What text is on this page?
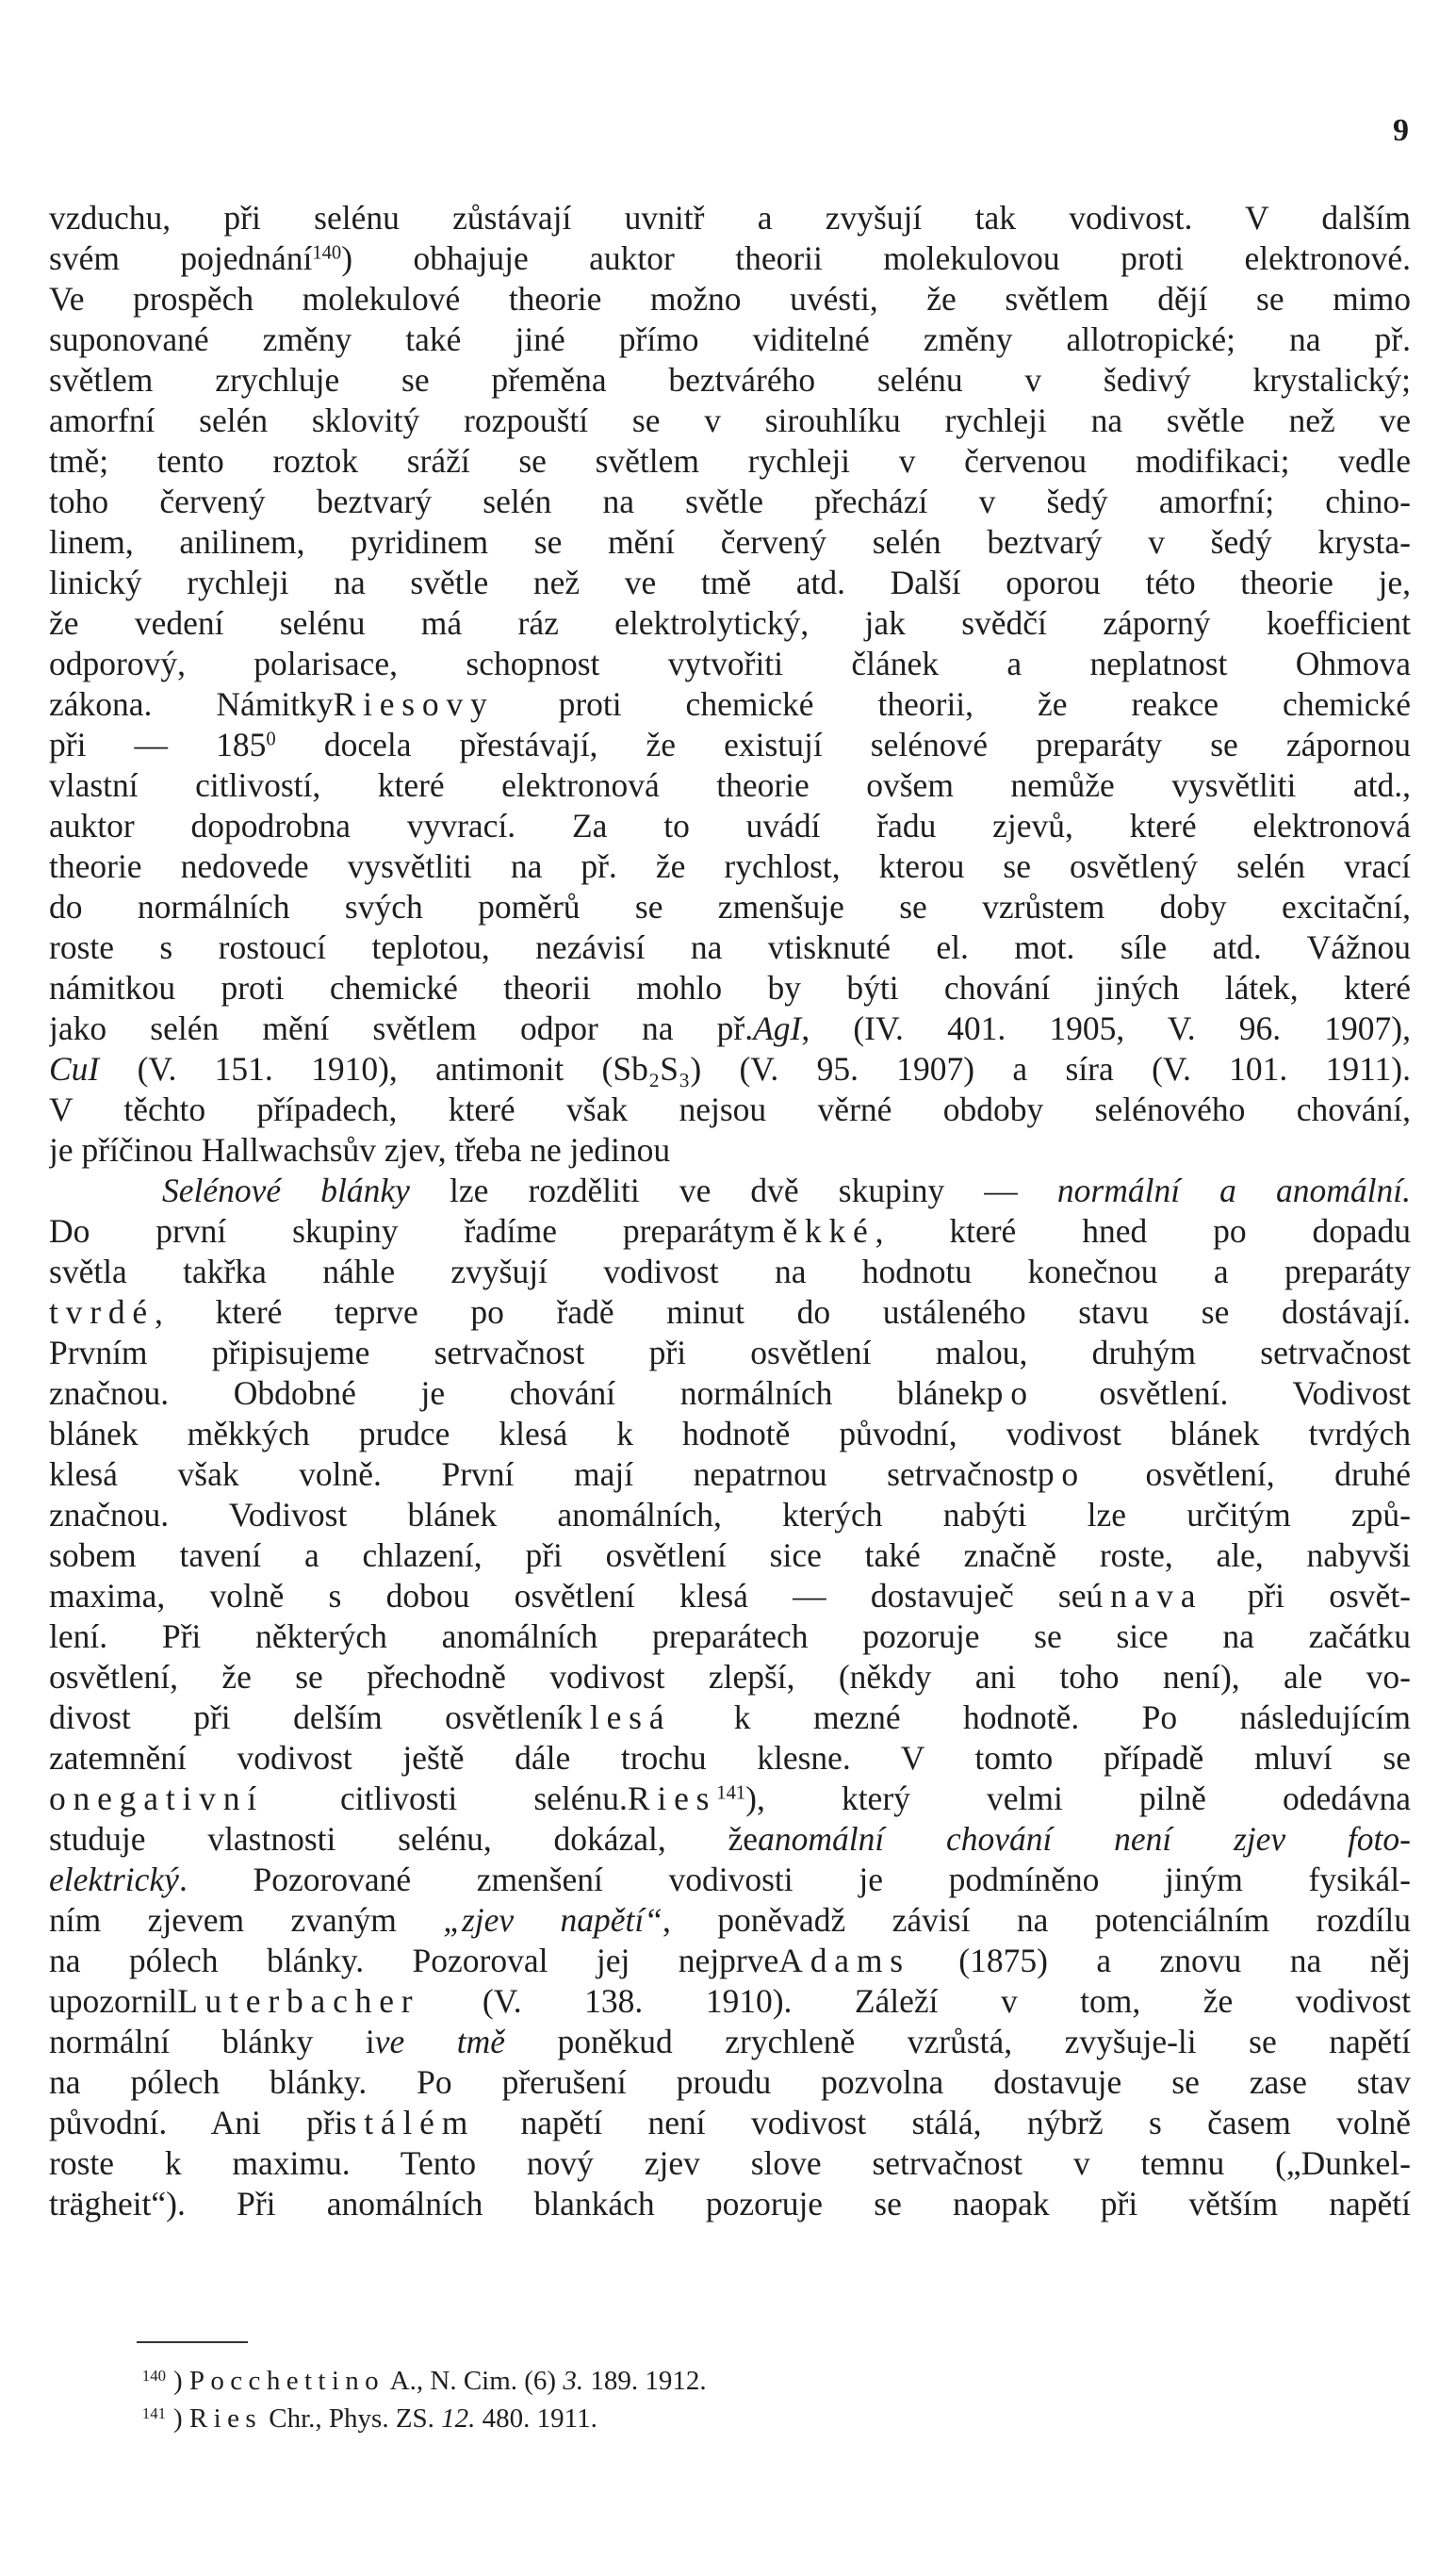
9
vzduchu, při selénu zůstávají uvnitř a zvyšují tak vodivost. V dalším
svém pojednání$^{140}$) obhajuje auktor theorii molekulovou proti elektronové.
Ve prospěch molekulové theorie možno uvésti, že světlem dějí se mimo
suponované změny také jiné přímo viditelné změny allotropické; na př.
světlem zrychluje se přeměna beztvárého selénu v šedivý krystalický;
amorfní selén sklovitý rozpouští se v sirouhlíku rychleji na světle než ve
tmě; tento roztok sráží se světlem rychleji v červenou modifikaci; vedle
toho červený beztvarý selén na světle přechází v šedý amorfní; chino-
linem, anilinem, pyridinem se mění červený selén beztvarý v šedý krysta-
linický rychleji na světle než ve tmě atd. Další oporou této theorie je,
že vedení selénu má ráz elektrolytický, jak svědčí záporný koefficient
odporový, polarisace, schopnost vytvořiti článek a neplatnost Ohmova
zákona. NámitkyRiesovy proti chemické theorii, že reakce chemické
při — $185^0$ docela přestávají, že existují selénové preparáty se zápornou
vlastní citlivostí, které elektronová theorie ovšem nemůže vysvětliti atd.,
auktor dopodrobna vyvrací. Za to uvádí řadu zjevů, které elektronová
theorie nedovede vysvětliti na př. že rychlost, kterou se osvětlený selén vrací
do normálních svých poměrů se zmenšuje se vzrůstem doby excitační,
roste s rostoucí teplotou, nezávisí na vtisknuté el. mot. síle atd. Vážnou
námitkou proti chemické theorii mohlo by býti chování jiných látek, které
jako selén mění světlem odpor na př.AgI, (IV. 401. 1905, V. 96. 1907),
CuI (V. 151. 1910), antimonit (Sb₂S₃) (V. 95. 1907) a síra (V. 101. 1911).
V těchto případech, které však nejsou věrné obdoby selénového chování,
je příčinou Hallwachsův zjev, třeba ne jedinou
Selénové blánky lze rozděliti ve dvě skupiny — normální a anomální.
Do první skupiny řadíme preparátyměkké, které hned po dopadu
světla takřka náhle zvyšují vodivost na hodnotu konečnou a preparáty
tvrdé, které teprve po řadě minut do ustáleného stavu se dostávají.
Prvním připisujeme setrvačnost při osvětlení malou, druhým setrvačnost
značnou. Obdobné je chování normálních blánekpo osvětlení. Vodivost
blánek měkkých prudce klesá k hodnotě původní, vodivost blánek tvrdých
klesá však volně. První mají nepatrnou setrvačnostpo osvětlení, druhé
značnou. Vodivost blánek anomálních, kterých nabýti lze určitým způ-
sobem tavení a chlazení, při osvětlení sice také značně roste, ale, nabyvši
maxima, volně s dobou osvětlení klesá — dostavuječ seúnava při osvět-
lení. Při některých anomálních preparátech pozoruje se sice na začátku
osvětlení, že se přechodně vodivost zlepší, (někdy ani toho není), ale vo-
divost při delším osvětleníklesá k mezné hodnotě. Po následujícím
zatemnění vodivost ještě dále trochu klesne. V tomto případě mluví se
onegativní citlivosti selénu.Ries$^{141}$), který velmi pilně odedávna
studuje vlastnosti selénu, dokázal, žeanomální chování není zjev foto-
elektrický. Pozorované zmenšení vodivosti je podmíněno jiným fysikál-
ním zjevem zvaným „zjev napětí“, poněvadž závisí na potenciálním rozdílu
na pólech blánky. Pozoroval jej nejprveAdams (1875) a znovu na něj
upozornilLuterbacher (V. 138. 1910). Záleží v tom, že vodivost
normální blánky ive tmě poněkud zrychleně vzrůstá, zvyšuje-li se napětí
na pólech blánky. Po přerušení proudu pozvolna dostavuje se zase stav
původní. Ani přistálém napětí není vodivost stálá, nýbrž s časem volně
roste k maximu. Tento nový zjev slove setrvačnost v temnu („Dunkel-
trägheit“). Při anomálních blankách pozoruje se naopak při větším napětí
$^{140}$ ) Pocchettino A., N. Cim. (6) 3. 189. 1912.
$^{141}$ ) Ries Chr., Phys. ZS. 12. 480. 1911.
